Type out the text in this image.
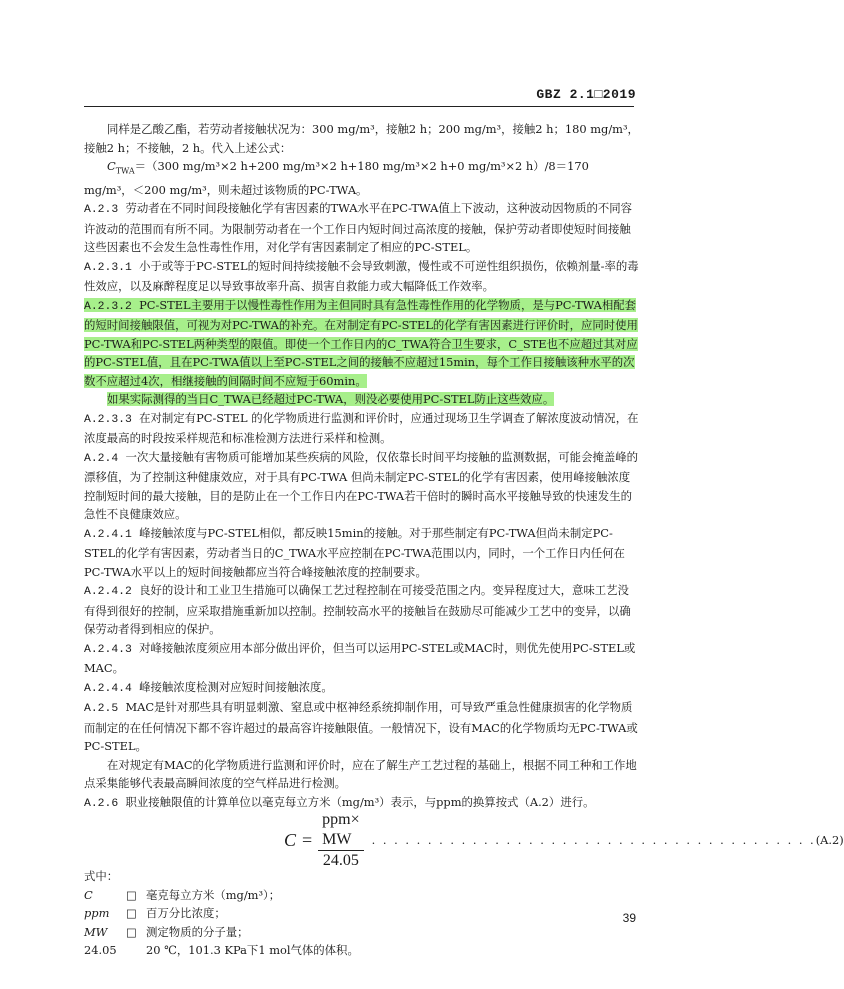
GBZ 2.1□2019

同样是乙酸乙酯，若劳动者接触状况为：300 mg/m³，接触2 h；200 mg/m³，接触2 h；180 mg/m³，接触2 h；不接触，2 h。代入上述公式：

$C_{TWA}=(300$ mg/m³×2 h+200 mg/m³×2 h+180 mg/m³×2 h+0 mg/m³×2 h）/8＝170 mg/m³，＜200 mg/m³，则未超过该物质的PC-TWA。

A.2.3 劳动者在不同时间段接触化学有害因素的TWA水平在PC-TWA值上下波动，这种波动因物质的不同容许波动的范围而有所不同。为限制劳动者在一个工作日内短时间过高浓度的接触，保护劳动者即使短时间接触这些因素也不会发生急性毒性作用，对化学有害因素制定了相应的PC-STEL。

A.2.3.1 小于或等于PC-STEL的短时间持续接触不会导致刺激，慢性或不可逆性组织损伤，依赖剂量-率的毒性效应，以及麻醉程度足以导致事故率升高、损害自救能力或大幅降低工作效率。

A.2.3.2 PC-STEL主要用于以慢性毒性作用为主但同时具有急性毒性作用的化学物质，是与PC-TWA相配套的短时间接触限值，可视为对PC-TWA的补充。在对制定有PC-STEL的化学有害因素进行评价时，应同时使用PC-TWA和PC-STEL两种类型的限值。即使一个工作日内的C_TWA符合卫生要求，C_STE也不应超过其对应的PC-STEL值，且在PC-TWA值以上至PC-STEL之间的接触不应超过15min，每个工作日接触该种水平的次数不应超过4次，相继接触的间隔时间不应短于60min。

如果实际测得的当日C_TWA已经超过PC-TWA，则没必要使用PC-STEL防止这些效应。

A.2.3.3 在对制定有PC-STEL 的化学物质进行监测和评价时，应通过现场卫生学调查了解浓度波动情况，在浓度最高的时段按采样规范和标准检测方法进行采样和检测。

A.2.4 一次大量接触有害物质可能增加某些疾病的风险，仅依靠长时间平均接触的监测数据，可能会掩盖峰的漂移值，为了控制这种健康效应，对于具有PC-TWA 但尚未制定PC-STEL的化学有害因素，使用峰接触浓度控制短时间的最大接触，目的是防止在一个工作日内在PC-TWA若干倍时的瞬时高水平接触导致的快速发生的急性不良健康效应。

A.2.4.1 峰接触浓度与PC-STEL相似，都反映15min的接触。对于那些制定有PC-TWA但尚未制定PC-STEL的化学有害因素，劳动者当日的C_TWA水平应控制在PC-TWA范围以内，同时，一个工作日内任何在PC-TWA水平以上的短时间接触都应当符合峰接触浓度的控制要求。

A.2.4.2 良好的设计和工业卫生措施可以确保工艺过程控制在可接受范围之内。变异程度过大，意味工艺没有得到很好的控制，应采取措施重新加以控制。控制较高水平的接触旨在鼓励尽可能减少工艺中的变异，以确保劳动者得到相应的保护。

A.2.4.3 对峰接触浓度须应用本部分做出评价，但当可以运用PC-STEL或MAC时，则优先使用PC-STEL或MAC。

A.2.4.4 峰接触浓度检测对应短时间接触浓度。

A.2.5 MAC是针对那些具有明显刺激、窒息或中枢神经系统抑制作用，可导致严重急性健康损害的化学物质而制定的在任何情况下都不容许超过的最高容许接触限值。一般情况下，设有MAC的化学物质均无PC-TWA或PC-STEL。

在对规定有MAC的化学物质进行监测和评价时，应在了解生产工艺过程的基础上，根据不同工种和工作地点采集能够代表最高瞬间浓度的空气样品进行检测。

A.2.6 职业接触限值的计算单位以毫克每立方米（mg/m³）表示，与ppm的换算按式（A.2）进行。

$C = \frac{\text{ppm× MW}}{24.05}$ . . . . . . . . . . . . . . . . . . . . . . . . . . . . . . . . . . . . . . . . (A.2)

式中：

C	□ 毫克每立方米（mg/m³）；
ppm	□ 百万分比浓度；
MW	□ 测定物质的分子量；
24.05	20 ℃，101.3 KPa下1 mol气体的体积。
39
